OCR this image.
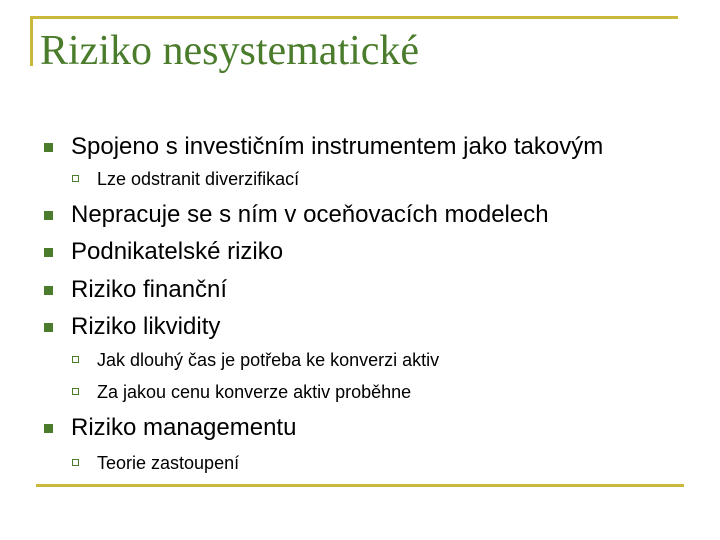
Riziko nesystematické
Spojeno s investičním instrumentem jako takovým
Lze odstranit diverzifikací
Nepracuje se s ním v oceňovacích modelech
Podnikatelské riziko
Riziko finanční
Riziko likvidity
Jak dlouhý čas je potřeba ke konverzi aktiv
Za jakou cenu konverze aktiv proběhne
Riziko managementu
Teorie zastoupení
